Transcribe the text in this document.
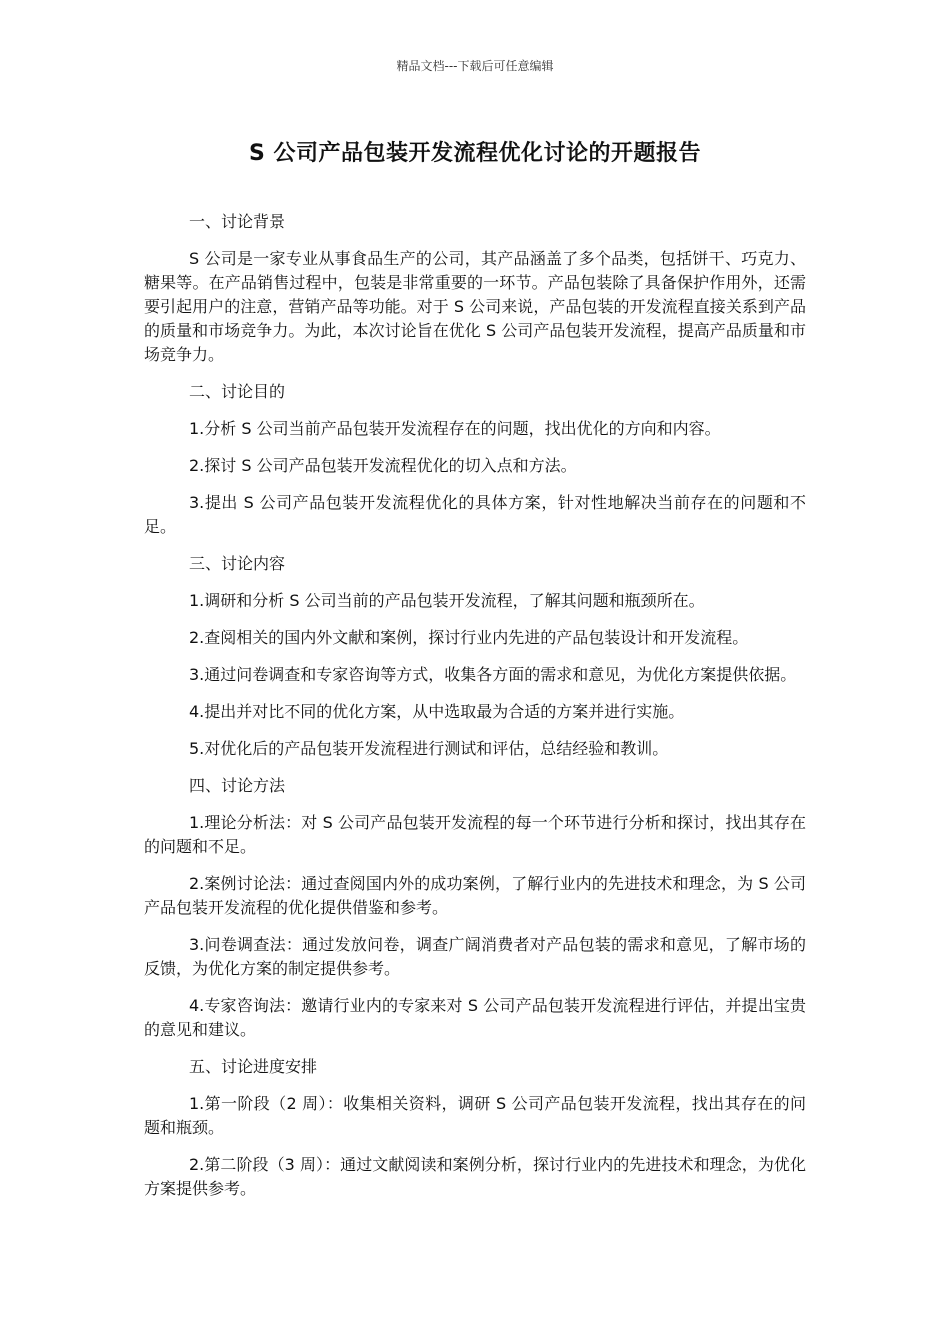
精品文档---下载后可任意编辑
S 公司产品包装开发流程优化讨论的开题报告

一、讨论背景

S 公司是一家专业从事食品生产的公司，其产品涵盖了多个品类，包括饼干、巧克力、糖果等。在产品销售过程中，包装是非常重要的一环节。产品包装除了具备保护作用外，还需要引起用户的注意，营销产品等功能。对于 S 公司来说，产品包装的开发流程直接关系到产品的质量和市场竞争力。为此，本次讨论旨在优化 S 公司产品包装开发流程，提高产品质量和市场竞争力。

二、讨论目的

1.分析 S 公司当前产品包装开发流程存在的问题，找出优化的方向和内容。

2.探讨 S 公司产品包装开发流程优化的切入点和方法。

3.提出 S 公司产品包装开发流程优化的具体方案，针对性地解决当前存在的问题和不足。

三、讨论内容

1.调研和分析 S 公司当前的产品包装开发流程，了解其问题和瓶颈所在。

2.查阅相关的国内外文献和案例，探讨行业内先进的产品包装设计和开发流程。

3.通过问卷调查和专家咨询等方式，收集各方面的需求和意见，为优化方案提供依据。

4.提出并对比不同的优化方案，从中选取最为合适的方案并进行实施。

5.对优化后的产品包装开发流程进行测试和评估，总结经验和教训。

四、讨论方法

1.理论分析法：对 S 公司产品包装开发流程的每一个环节进行分析和探讨，找出其存在的问题和不足。

2.案例讨论法：通过查阅国内外的成功案例，了解行业内的先进技术和理念，为 S 公司产品包装开发流程的优化提供借鉴和参考。

3.问卷调查法：通过发放问卷，调查广阔消费者对产品包装的需求和意见，了解市场的反馈，为优化方案的制定提供参考。

4.专家咨询法：邀请行业内的专家来对 S 公司产品包装开发流程进行评估，并提出宝贵的意见和建议。

五、讨论进度安排

1.第一阶段（2 周）：收集相关资料，调研 S 公司产品包装开发流程，找出其存在的问题和瓶颈。

2.第二阶段（3 周）：通过文献阅读和案例分析，探讨行业内的先进技术和理念，为优化方案提供参考。
